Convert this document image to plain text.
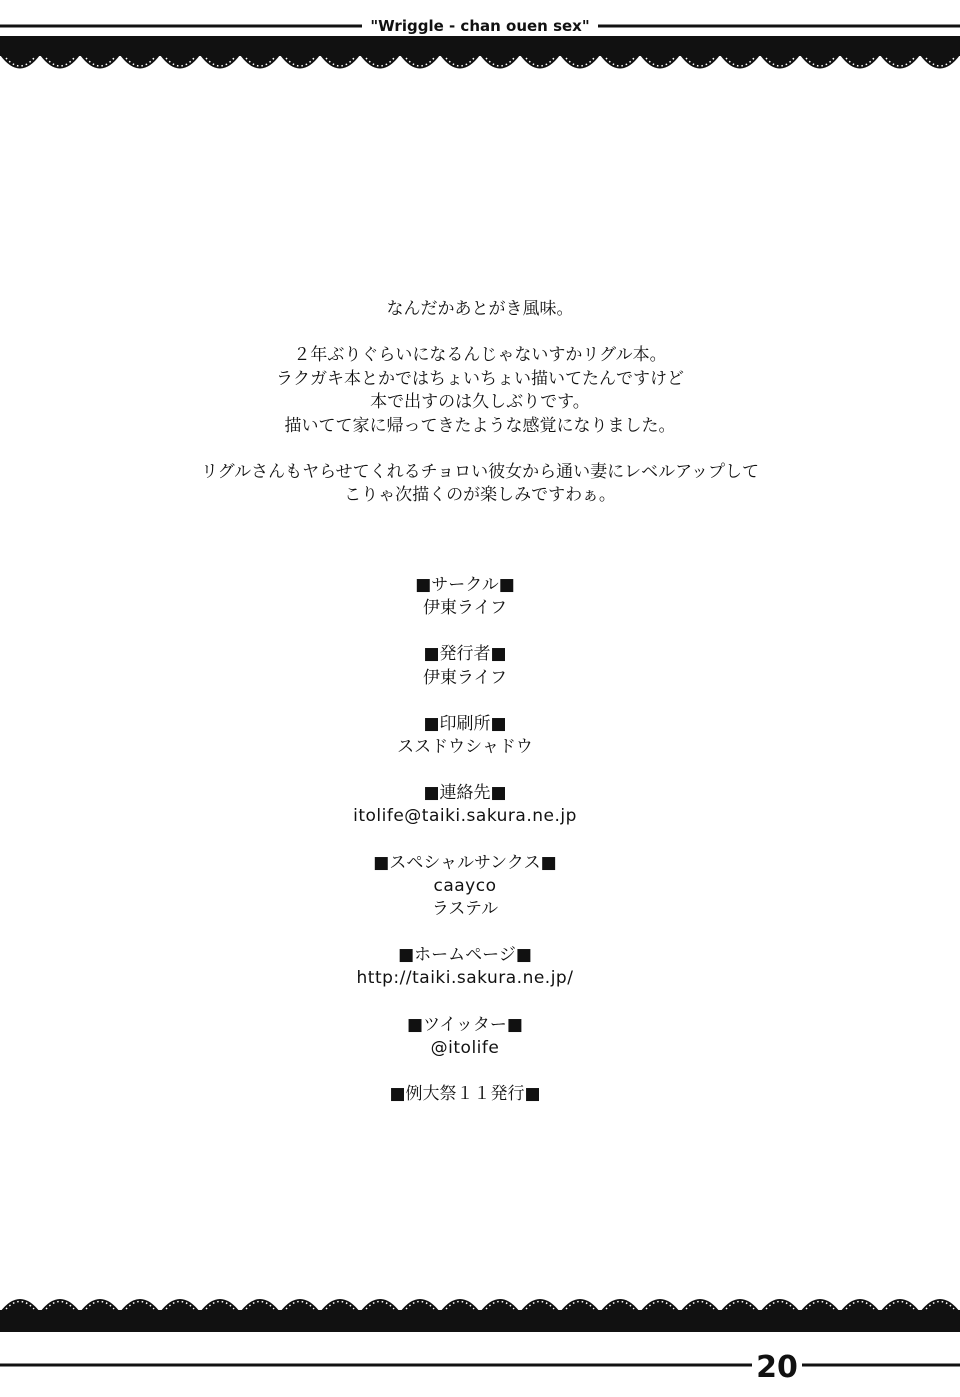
"Wriggle - chan ouen sex"

なんだかあとがき風味。

２年ぶりぐらいになるんじゃないすかリグル本。

ラクガキ本とかではちょいちょい描いてたんですけど

本で出すのは久しぶりです。

描いてて家に帰ってきたような感覚になりました。

リグルさんもヤらせてくれるチョロい彼女から通い妻にレベルアップして

こりゃ次描くのが楽しみですわぁ。

■サークル■
伊東ライフ
■発行者■
伊東ライフ
■印刷所■
ススドウシャドウ
■連絡先■
itolife@taiki.sakura.ne.jp
■スペシャルサンクス■
caayco
ラステル
■ホームページ■
http://taiki.sakura.ne.jp/
■ツイッター■
@itolife
■例大祭１１発行■
20
